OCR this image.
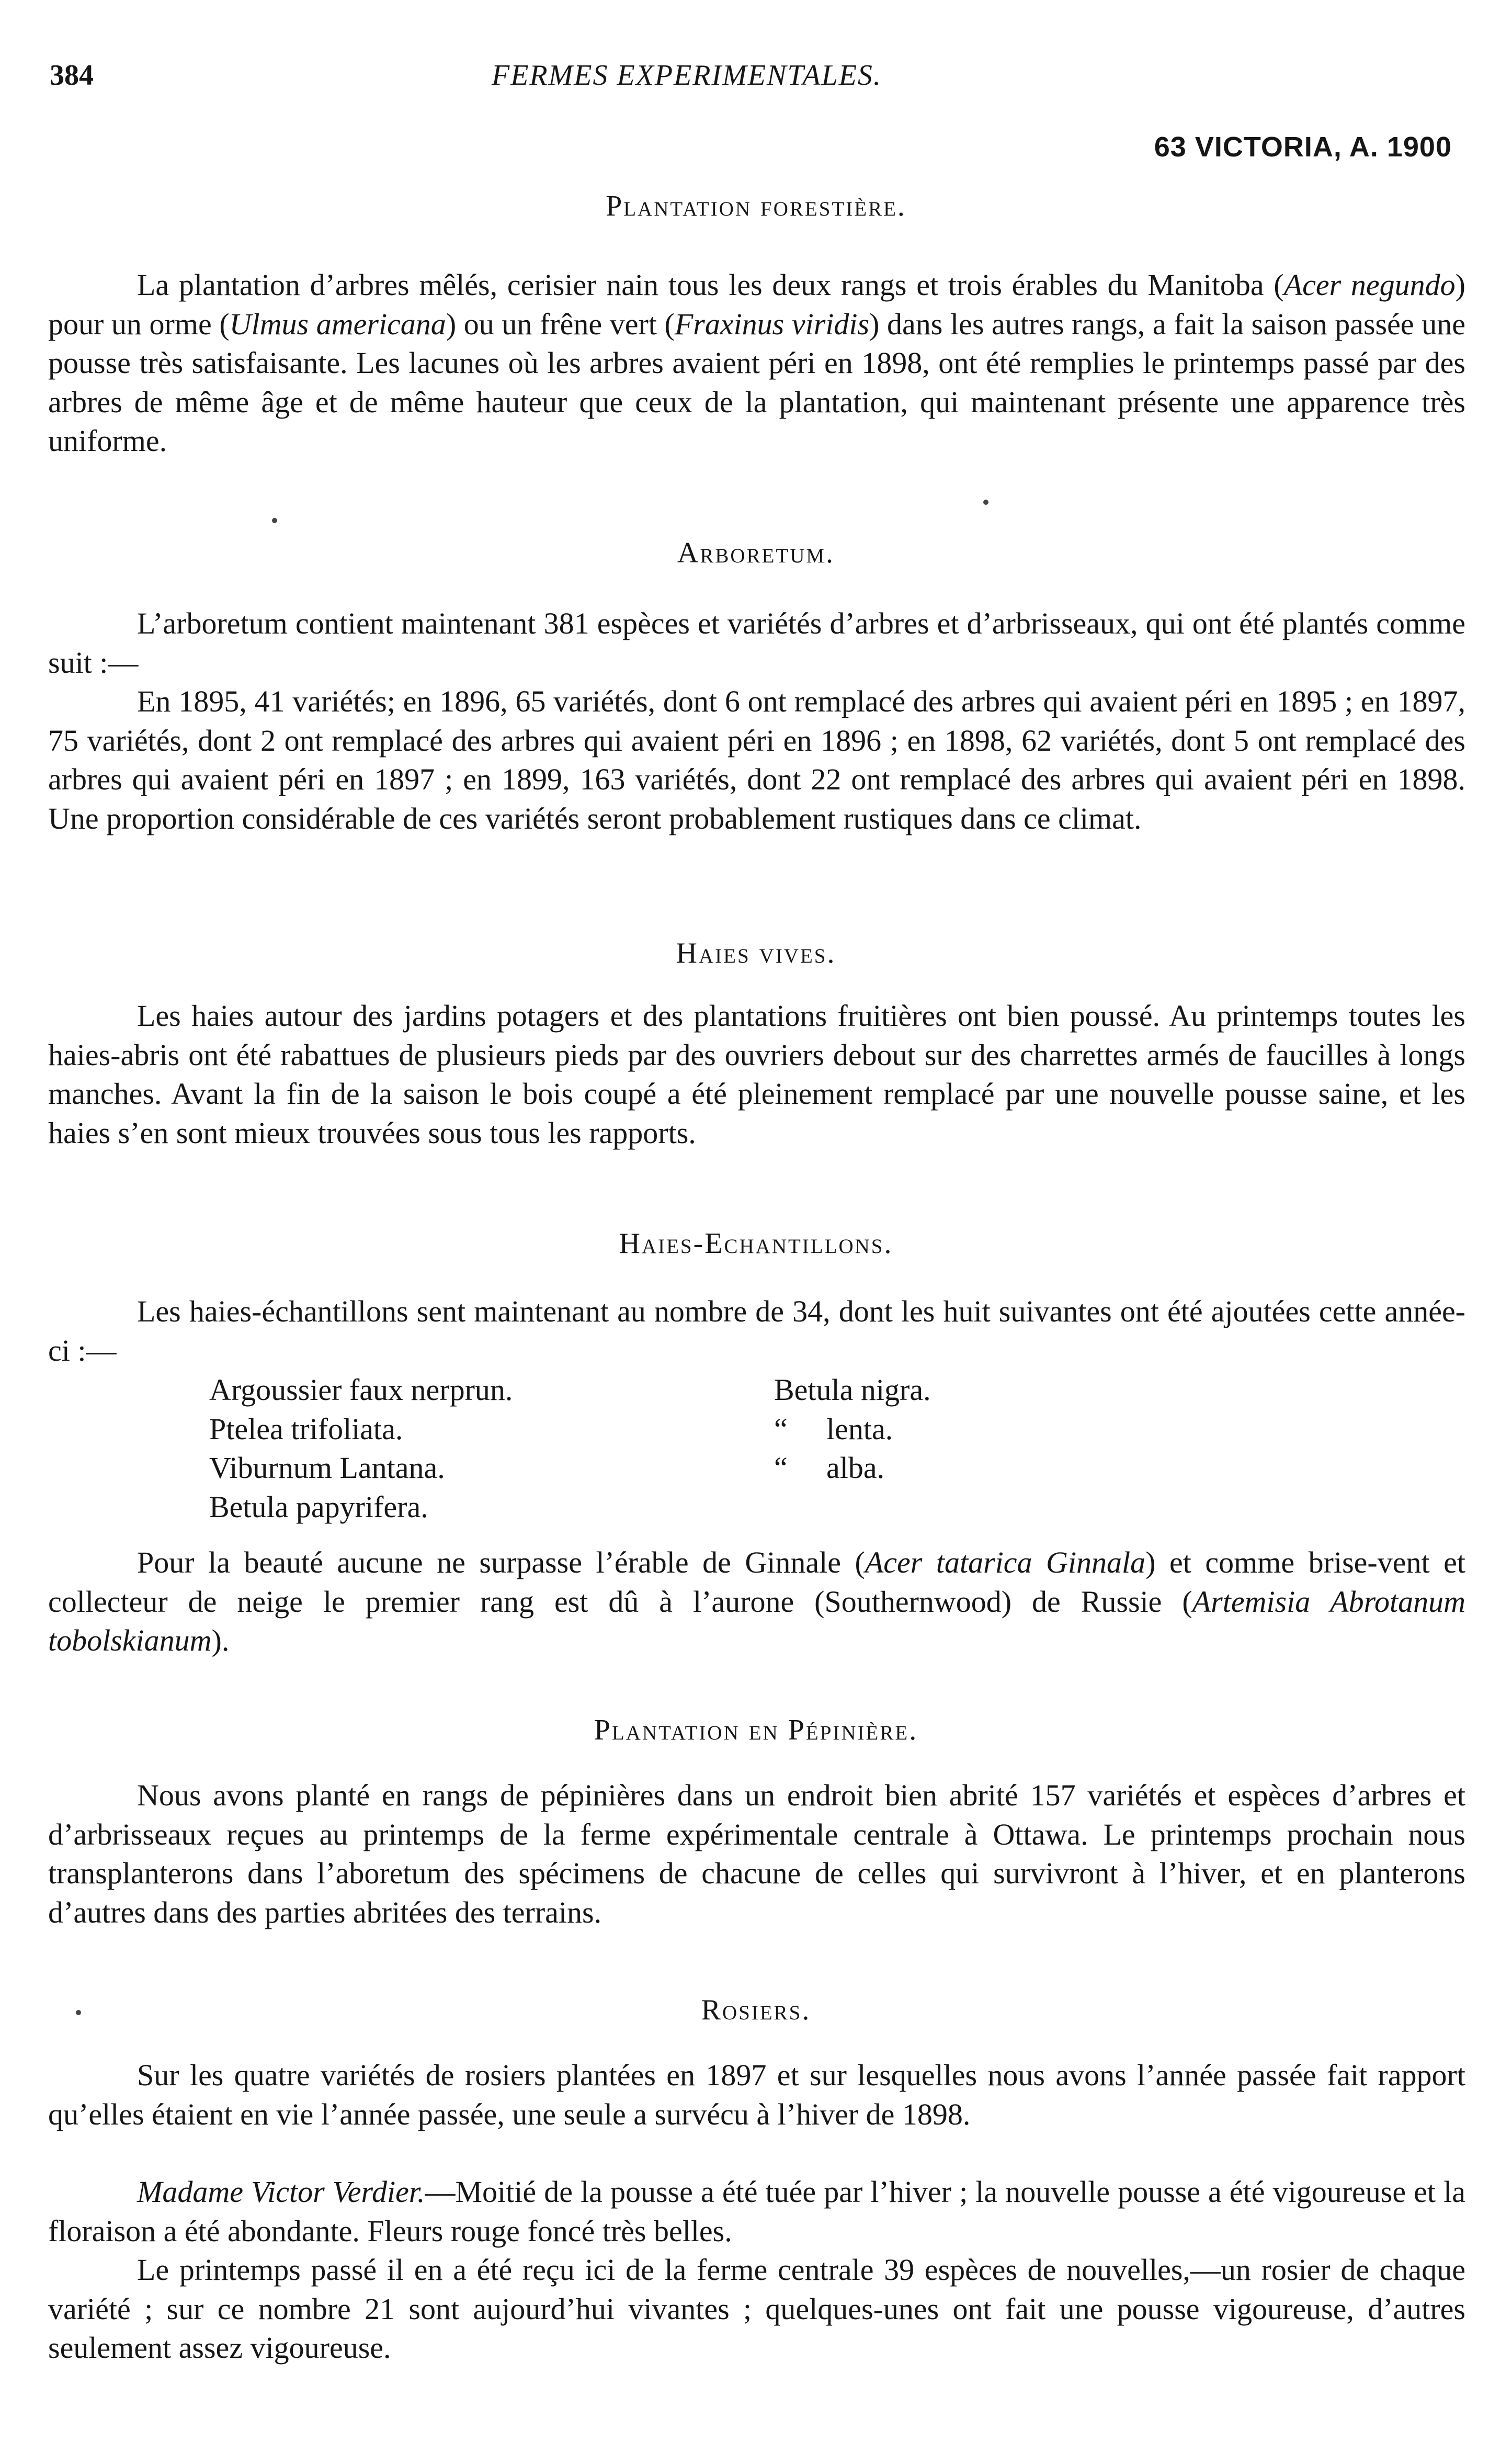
384	FERMES EXPERIMENTALES.
63 VICTORIA, A. 1900
Plantation forestière.
La plantation d’arbres mêlés, cerisier nain tous les deux rangs et trois érables du Manitoba (Acer negundo) pour un orme (Ulmus americana) ou un frêne vert (Fraxinus viridis) dans les autres rangs, a fait la saison passée une pousse très satisfaisante. Les lacunes où les arbres avaient péri en 1898, ont été remplies le printemps passé par des arbres de même âge et de même hauteur que ceux de la plantation, qui maintenant présente une apparence très uniforme.
Arboretum.
L’arboretum contient maintenant 381 espèces et variétés d’arbres et d’arbrisseaux, qui ont été plantés comme suit :—
En 1895, 41 variétés; en 1896, 65 variétés, dont 6 ont remplacé des arbres qui avaient péri en 1895 ; en 1897, 75 variétés, dont 2 ont remplacé des arbres qui avaient péri en 1896 ; en 1898, 62 variétés, dont 5 ont remplacé des arbres qui avaient péri en 1897 ; en 1899, 163 variétés, dont 22 ont remplacé des arbres qui avaient péri en 1898. Une proportion considérable de ces variétés seront probablement rustiques dans ce climat.
Haies vives.
Les haies autour des jardins potagers et des plantations fruitières ont bien poussé. Au printemps toutes les haies-abris ont été rabattues de plusieurs pieds par des ouvriers debout sur des charrettes armés de faucilles à longs manches. Avant la fin de la saison le bois coupé a été pleinement remplacé par une nouvelle pousse saine, et les haies s’en sont mieux trouvées sous tous les rapports.
Haies-Echantillons.
Les haies-échantillons sent maintenant au nombre de 34, dont les huit suivantes ont été ajoutées cette année-ci :—
Argoussier faux nerprun.
Ptelea trifoliata.
Viburnum Lantana.
Betula papyrifera.
Betula nigra.
“ lenta.
“ alba.
Pour la beauté aucune ne surpasse l’érable de Ginnale (Acer tatarica Ginnala) et comme brise-vent et collecteur de neige le premier rang est dû à l’aurone (Southernwood) de Russie (Artemisia Abrotanum tobolskianum).
Plantation en Pépinière.
Nous avons planté en rangs de pépinières dans un endroit bien abrité 157 variétés et espèces d’arbres et d’arbrisseaux reçues au printemps de la ferme expérimentale centrale à Ottawa. Le printemps prochain nous transplanterons dans l’aboretum des spécimens de chacune de celles qui survivront à l’hiver, et en planterons d’autres dans des parties abritées des terrains.
Rosiers.
Sur les quatre variétés de rosiers plantées en 1897 et sur lesquelles nous avons l’année passée fait rapport qu’elles étaient en vie l’année passée, une seule a survécu à l’hiver de 1898.
Madame Victor Verdier.—Moitié de la pousse a été tuée par l’hiver ; la nouvelle pousse a été vigoureuse et la floraison a été abondante. Fleurs rouge foncé très belles.
Le printemps passé il en a été reçu ici de la ferme centrale 39 espèces de nouvelles,—un rosier de chaque variété ; sur ce nombre 21 sont aujourd’hui vivantes ; quelques-unes ont fait une pousse vigoureuse, d’autres seulement assez vigoureuse.
